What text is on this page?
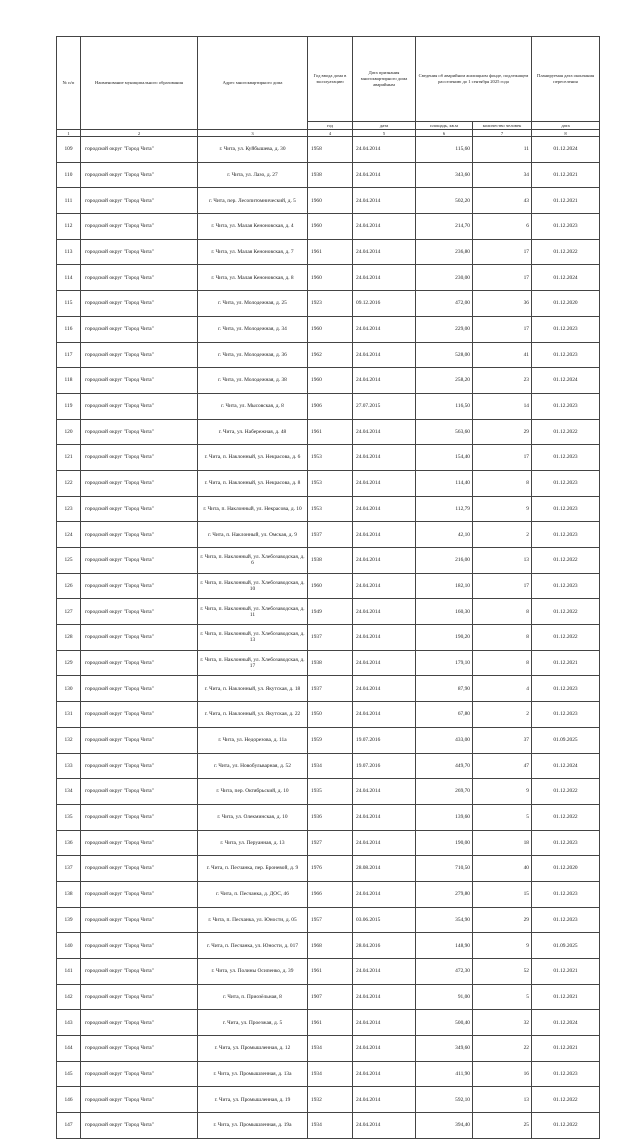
№ п/п	Наименование муниципального образования	Адрес многоквартирного дома	Год ввода дома в эксплуатацию	Дата признания многоквартирного дома аварийным	Сведения об аварийном жилищном фонде, подлежащем расселению до 1 сентября 2025 года		Планируемая дата окончания переселения
			год	дата	площадь, кв.м	количество человек	дата
1	2	3	4	5	6	7	8
109	городской округ "Город Чита"	г. Чита, ул. Куйбышева, д. 30	1958	24.04.2014	115,60	11	01.12.2024
110	городской округ "Город Чита"	г. Чита, ул. Лазо, д. 27	1938	24.04.2014	343,60	34	01.12.2021
111	городской округ "Город Чита"	г. Чита, пер. Лесопитомнический, д. 5	1960	24.04.2014	502,20	43	01.12.2021
112	городской округ "Город Чита"	г. Чита, ул. Малая Кеноновская, д. 4	1960	24.04.2014	214,70	6	01.12.2023
113	городской округ "Город Чита"	г. Чита, ул. Малая Кеноновская, д. 7	1961	24.04.2014	236,80	17	01.12.2022
114	городской округ "Город Чита"	г. Чита, ул. Малая Кеноновская, д. 8	1960	24.04.2014	230,00	17	01.12.2024
115	городской округ "Город Чита"	г. Чита, ул. Молодежная, д. 25	1923	09.12.2016	472,00	36	01.12.2020
116	городской округ "Город Чита"	г. Чита, ул. Молодежная, д. 34	1960	24.04.2014	229,00	17	01.12.2023
117	городской округ "Город Чита"	г. Чита, ул. Молодежная, д. 36	1962	24.04.2014	528,00	41	01.12.2023
118	городской округ "Город Чита"	г. Чита, ул. Молодежная, д. 38	1960	24.04.2014	258,20	23	01.12.2024
119	городской округ "Город Чита"	г. Чита, ул. Мысовская, д. 8	1906	27.07.2015	116,50	14	01.12.2023
120	городской округ "Город Чита"	г. Чита, ул. Набережная, д. 48	1961	24.04.2014	563,60	29	01.12.2022
121	городской округ "Город Чита"	г. Чита, п. Наклонный, ул. Некрасова, д. 6	1953	24.04.2014	154,40	17	01.12.2023
122	городской округ "Город Чита"	г. Чита, п. Наклонный, ул. Некрасова, д. 8	1953	24.04.2014	114,40	8	01.12.2023
123	городской округ "Город Чита"	г. Чита, п. Наклонный, ул. Некрасова, д. 10	1953	24.04.2014	112,79	9	01.12.2023
124	городской округ "Город Чита"	г. Чита, п. Наклонный, ул. Омская, д. 9	1937	24.04.2014	42,10	2	01.12.2023
125	городской округ "Город Чита"	г. Чита, п. Наклонный, ул. Хлебозаводская, д. 6	1938	24.04.2014	216,00	13	01.12.2022
126	городской округ "Город Чита"	г. Чита, п. Наклонный, ул. Хлебозаводская, д. 10	1960	24.04.2014	182,10	17	01.12.2023
127	городской округ "Город Чита"	г. Чита, п. Наклонный, ул. Хлебозаводская, д. 11	1949	24.04.2014	160,30	8	01.12.2022
128	городской округ "Город Чита"	г. Чита, п. Наклонный, ул. Хлебозаводская, д. 13	1937	24.04.2014	190,20	8	01.12.2022
129	городской округ "Город Чита"	г. Чита, п. Наклонный, ул. Хлебозаводская, д. 17	1938	24.04.2014	179,10	8	01.12.2021
130	городской округ "Город Чита"	г. Чита, п. Наклонный, ул. Якутская, д. 18	1937	24.04.2014	87,90	4	01.12.2023
131	городской округ "Город Чита"	г. Чита, п. Наклонный, ул. Якутская, д. 22	1950	24.04.2014	67,80	2	01.12.2023
132	городской округ "Город Чита"	г. Чита, ул. Недорезова, д. 11а	1959	19.07.2016	433,00	37	01.09.2025
133	городской округ "Город Чита"	г. Чита, ул. Новобульварная, д. 52	1934	19.07.2016	449,70	47	01.12.2024
134	городской округ "Город Чита"	г. Чита, пер. Октябрьский, д. 10	1935	24.04.2014	269,70	9	01.12.2022
135	городской округ "Город Чита"	г. Чита, ул. Олекминская, д. 10	1936	24.04.2014	139,60	5	01.12.2022
136	городской округ "Город Чита"	г. Чита, ул. Перуанная, д. 13	1927	24.04.2014	190,00	18	01.12.2023
137	городской округ "Город Чита"	г. Чита, п. Песчанка, пер. Броневой, д. 9	1976	28.08.2014	710,50	40	01.12.2020
138	городской округ "Город Чита"	г. Чита, п. Песчанка, д. ДОС, 46	1966	24.04.2014	279,80	15	01.12.2023
139	городской округ "Город Чита"	г. Чита, п. Песчанка, ул. Юности, д. 05	1957	03.06.2015	354,90	29	01.12.2023
140	городской округ "Город Чита"	г. Чита, п. Песчанка, ул. Юности, д. 017	1968	28.04.2016	148,90	9	01.09.2025
141	городской округ "Город Чита"	г. Чита, ул. Полины Осипенко, д. 39	1961	24.04.2014	472,30	52	01.12.2021
142	городской округ "Город Чита"	г. Чита, п. Приозёльная, 8	1907	24.04.2014	91,00	5	01.12.2021
143	городской округ "Город Чита"	г. Чита, ул. Проезжая, д. 5	1961	24.04.2014	500,40	32	01.12.2024
144	городской округ "Город Чита"	г. Чита, ул. Промышленная, д. 12	1934	24.04.2014	349,60	22	01.12.2021
145	городской округ "Город Чита"	г. Чита, ул. Промышленная, д. 13а	1934	24.04.2014	411,90	16	01.12.2023
146	городской округ "Город Чита"	г. Чита, ул. Промышленная, д. 19	1932	24.04.2014	592,10	13	01.12.2022
147	городской округ "Город Чита"	г. Чита, ул. Промышленная, д. 19а	1934	24.04.2014	394,40	25	01.12.2022
